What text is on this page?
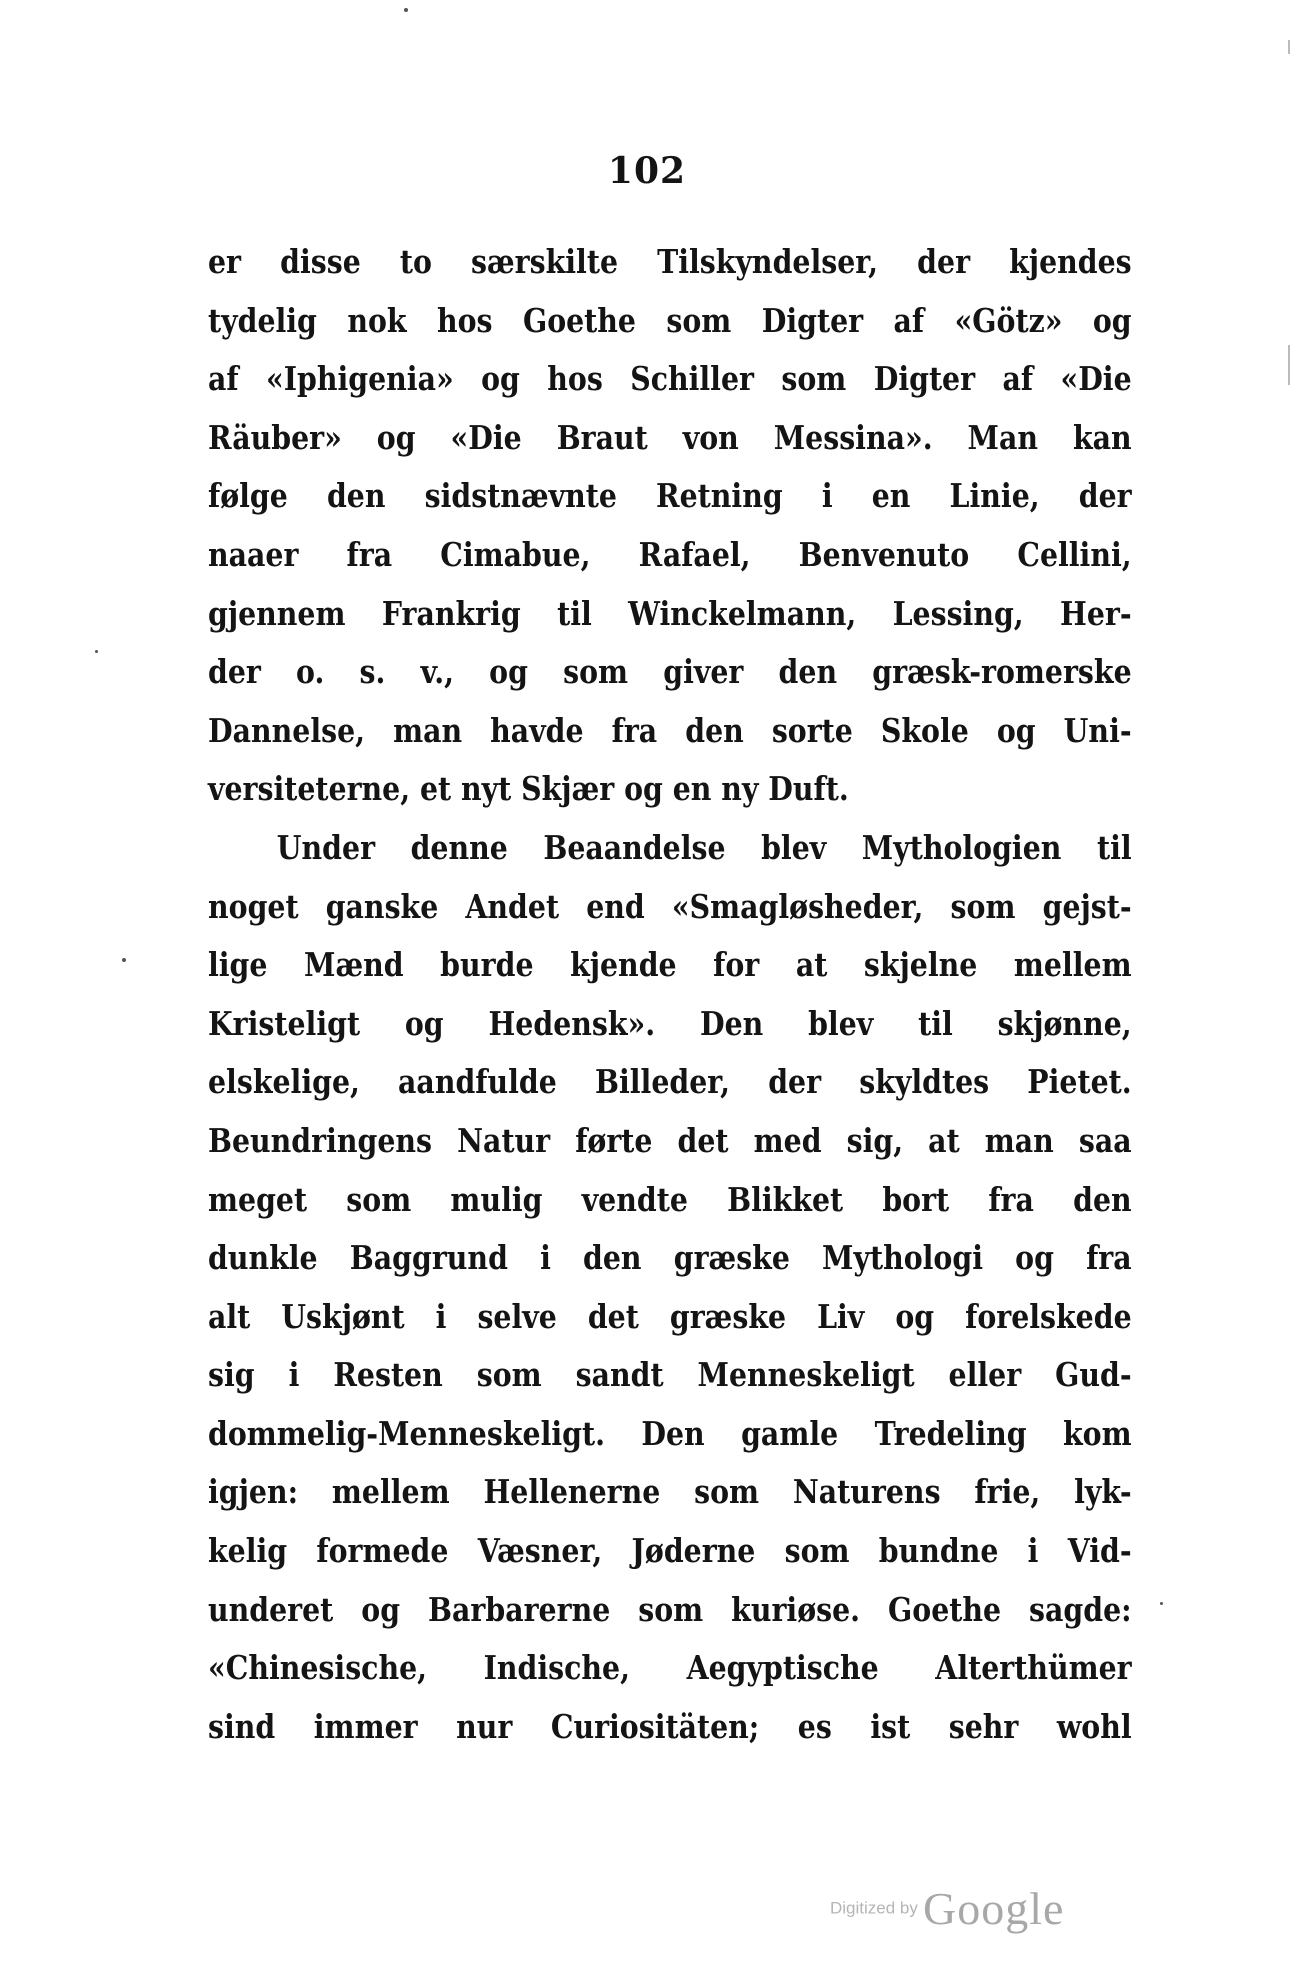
102
er disse to særskilte Tilskyndelser, der kjendes
tydelig nok hos Goethe som Digter af «Götz» og
af «Iphigenia» og hos Schiller som Digter af «Die
Räuber» og «Die Braut von Messina». Man kan
følge den sidstnævnte Retning i en Linie, der
naaer fra Cimabue, Rafael, Benvenuto Cellini,
gjennem Frankrig til Winckelmann, Lessing, Her-
der o. s. v., og som giver den græsk-romerske
Dannelse, man havde fra den sorte Skole og Uni-
versiteterne, et nyt Skjær og en ny Duft.
Under denne Beaandelse blev Mythologien til
noget ganske Andet end «Smagløsheder, som gejst-
lige Mænd burde kjende for at skjelne mellem
Kristeligt og Hedensk». Den blev til skjønne,
elskelige, aandfulde Billeder, der skyldtes Pietet.
Beundringens Natur førte det med sig, at man saa
meget som mulig vendte Blikket bort fra den
dunkle Baggrund i den græske Mythologi og fra
alt Uskjønt i selve det græske Liv og forelskede
sig i Resten som sandt Menneskeligt eller Gud-
dommelig-Menneskeligt. Den gamle Tredeling kom
igjen: mellem Hellenerne som Naturens frie, lyk-
kelig formede Væsner, Jøderne som bundne i Vid-
underet og Barbarerne som kuriøse. Goethe sagde:
«Chinesische, Indische, Aegyptische Alterthümer
sind immer nur Curiositäten; es ist sehr wohl
Digitized by Google
